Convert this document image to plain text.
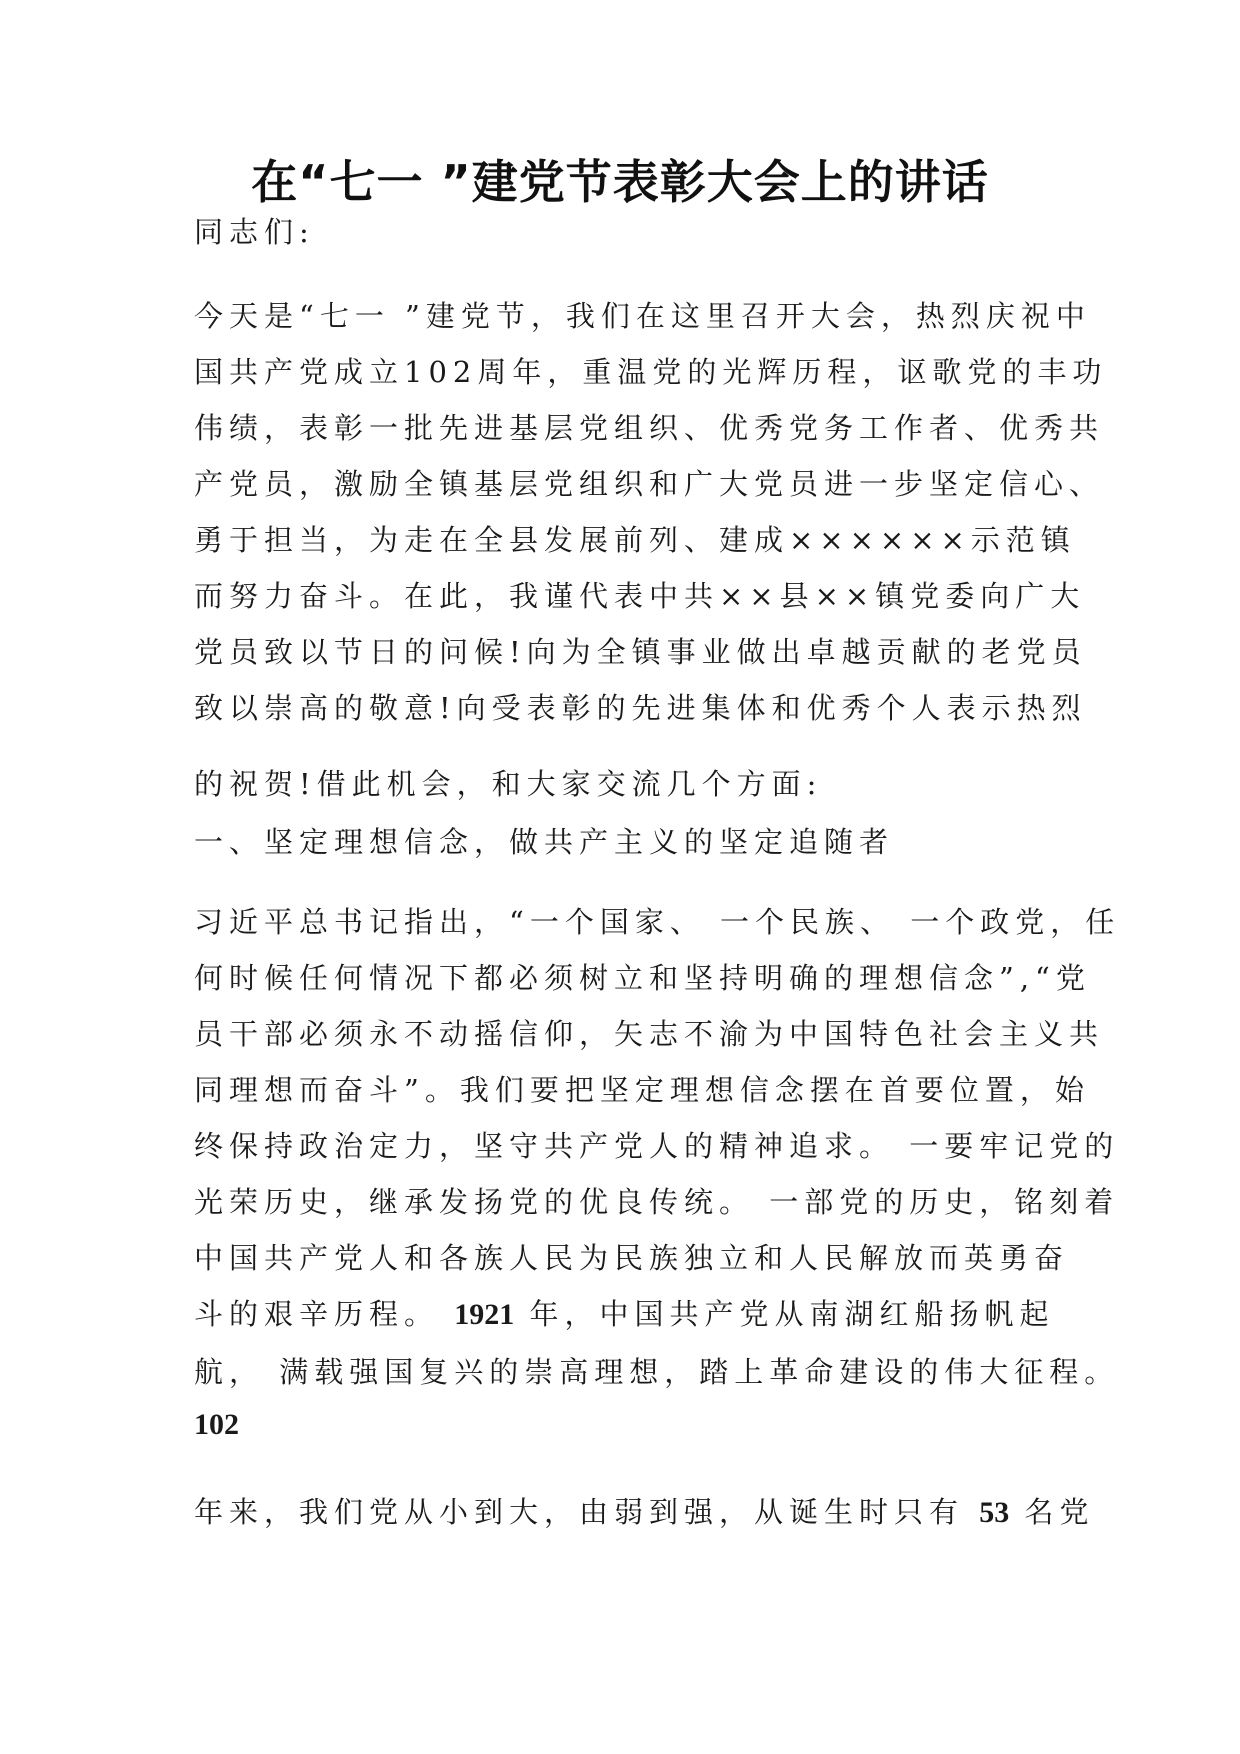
在“七一 ”建党节表彰大会上的讲话

同志们:

今天是“七一 ”建党节，我们在这里召开大会，热烈庆祝中

国共产党成立102周年，重温党的光辉历程，讴歌党的丰功

伟绩，表彰一批先进基层党组织、优秀党务工作者、优秀共

产党员，激励全镇基层党组织和广大党员进一步坚定信心、

勇于担当，为走在全县发展前列、建成××××××示范镇

而努力奋斗。在此，我谨代表中共××县××镇党委向广大

党员致以节日的问候!向为全镇事业做出卓越贡献的老党员

致以崇高的敬意!向受表彰的先进集体和优秀个人表示热烈

的祝贺!借此机会，和大家交流几个方面:

一、坚定理想信念，做共产主义的坚定追随者

习近平总书记指出，“一个国家、 一个民族、 一个政党，任

何时候任何情况下都必须树立和坚持明确的理想信念”,“党

员干部必须永不动摇信仰，矢志不渝为中国特色社会主义共

同理想而奋斗”。我们要把坚定理想信念摆在首要位置，始

终保持政治定力，坚守共产党人的精神追求。 一要牢记党的

光荣历史，继承发扬党的优良传统。 一部党的历史，铭刻着

中国共产党人和各族人民为民族独立和人民解放而英勇奋

斗的艰辛历程。 1921 年，中国共产党从南湖红船扬帆起

航， 满载强国复兴的崇高理想，踏上革命建设的伟大征程。

102

年来，我们党从小到大，由弱到强，从诞生时只有 53 名党
